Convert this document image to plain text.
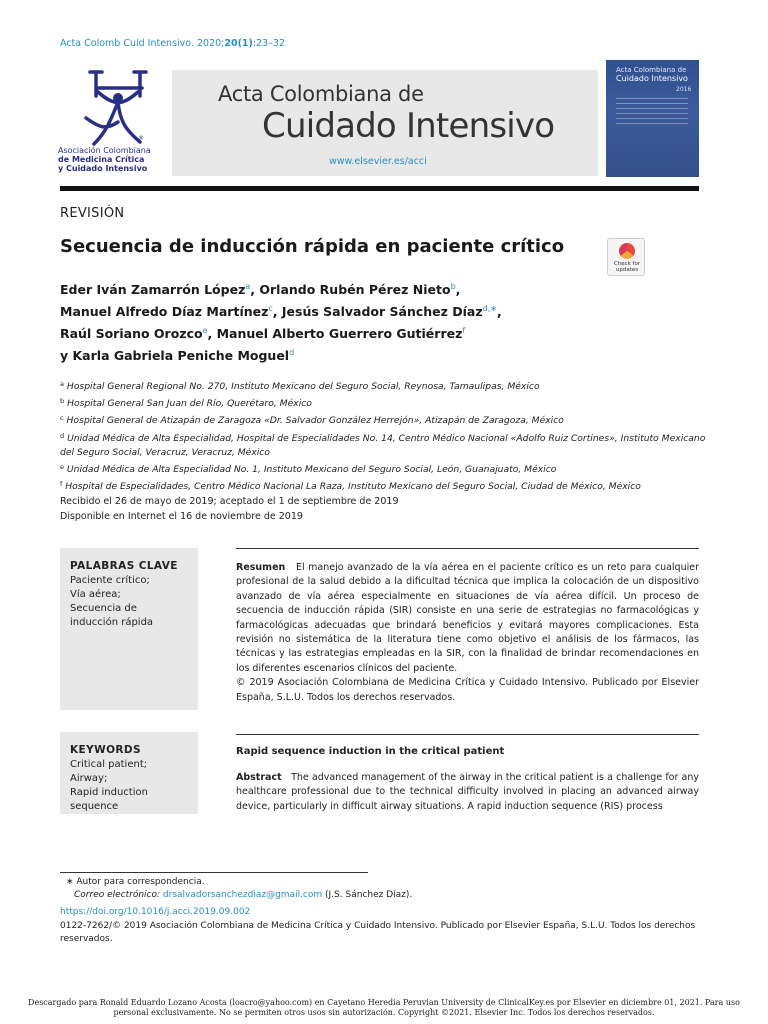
Acta Colomb Cuid Intensivo. 2020;20(1):23–32
®
Asociación Colombiana
de Medicina Crítica
y Cuidado Intensivo
Acta Colombiana de
Cuidado Intensivo
www.elsevier.es/acci
Acta Colombiana de
Cuidado Intensivo
2016
REVISIÓN
Secuencia de inducción rápida en paciente crítico
Check for updates
Eder Iván Zamarrón López$^a$, Orlando Rubén Pérez Nieto$^b$,
Manuel Alfredo Díaz Martínez$^c$, Jesús Salvador Sánchez Díaz$^{d,∗}$,
Raúl Soriano Orozco$^e$, Manuel Alberto Guerrero Gutiérrez$^f$
y Karla Gabriela Peniche Moguel$^d$
$^a$ Hospital General Regional No. 270, Instituto Mexicano del Seguro Social, Reynosa, Tamaulipas, México
$^b$ Hospital General San Juan del Río, Querétaro, México
$^c$ Hospital General de Atizapán de Zaragoza «Dr. Salvador González Herrejón», Atizapán de Zaragoza, México
$^d$ Unidad Médica de Alta Especialidad, Hospital de Especialidades No. 14, Centro Médico Nacional «Adolfo Ruiz Cortines», Instituto Mexicano del Seguro Social, Veracruz, Veracruz, México
$^e$ Unidad Médica de Alta Especialidad No. 1, Instituto Mexicano del Seguro Social, León, Guanajuato, México
$^f$ Hospital de Especialidades, Centro Médico Nacional La Raza, Instituto Mexicano del Seguro Social, Ciudad de México, México
Recibido el 26 de mayo de 2019; aceptado el 1 de septiembre de 2019
Disponible en Internet el 16 de noviembre de 2019
PALABRAS CLAVE
Paciente crítico;
Vía aérea;
Secuencia de
inducción rápida
Resumen El manejo avanzado de la vía aérea en el paciente crítico es un reto para cualquier profesional de la salud debido a la dificultad técnica que implica la colocación de un dispositivo avanzado de vía aérea especialmente en situaciones de vía aérea difícil. Un proceso de secuencia de inducción rápida (SIR) consiste en una serie de estrategias no farmacológicas y farmacológicas adecuadas que brindará beneficios y evitará mayores complicaciones. Esta revisión no sistemática de la literatura tiene como objetivo el análisis de los fármacos, las técnicas y las estrategias empleadas en la SIR, con la finalidad de brindar recomendaciones en los diferentes escenarios clínicos del paciente.
© 2019 Asociación Colombiana de Medicina Crítica y Cuidado Intensivo. Publicado por Elsevier España, S.L.U. Todos los derechos reservados.
KEYWORDS
Critical patient;
Airway;
Rapid induction
sequence
Rapid sequence induction in the critical patient
Abstract The advanced management of the airway in the critical patient is a challenge for any healthcare professional due to the technical difficulty involved in placing an advanced airway device, particularly in difficult airway situations. A rapid induction sequence (RIS) process
∗ Autor para correspondencia.
Correo electrónico: drsalvadorsanchezdiaz@gmail.com (J.S. Sánchez Díaz).
https://doi.org/10.1016/j.acci.2019.09.002
0122-7262/© 2019 Asociación Colombiana de Medicina Crítica y Cuidado Intensivo. Publicado por Elsevier España, S.L.U. Todos los derechos reservados.
Descargado para Ronald Eduardo Lozano Acosta (loacro@yahoo.com) en Cayetano Heredia Peruvian University de ClinicalKey.es por Elsevier en diciembre 01, 2021. Para uso personal exclusivamente. No se permiten otros usos sin autorización. Copyright ©2021. Elsevier Inc. Todos los derechos reservados.
